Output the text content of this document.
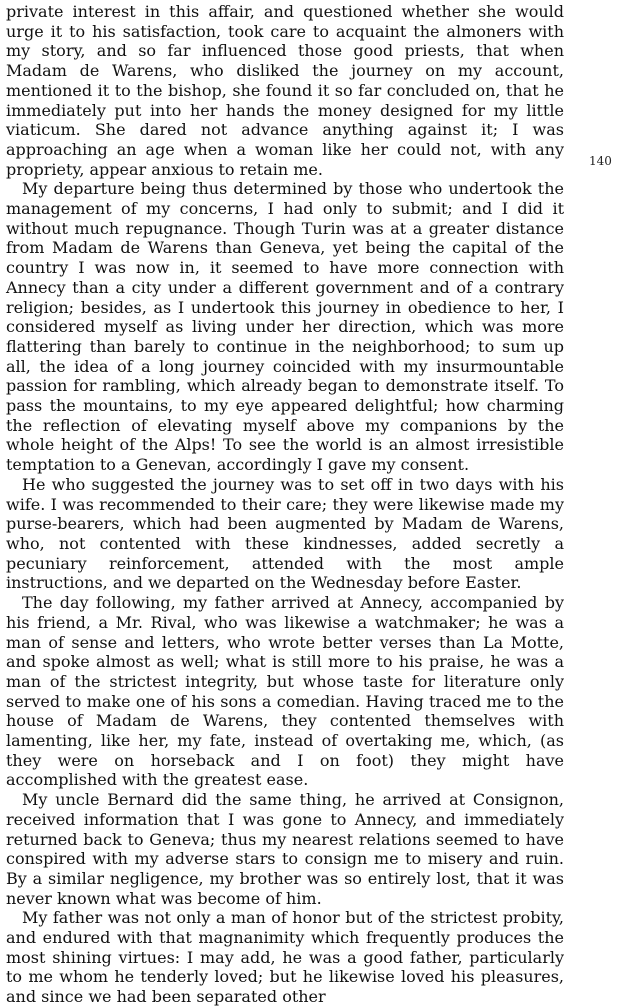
private interest in this affair, and questioned whether she would urge it to his satisfaction, took care to acquaint the almoners with my story, and so far influenced those good priests, that when Madam de Warens, who disliked the journey on my account, mentioned it to the bishop, she found it so far concluded on, that he immediately put into her hands the money designed for my little viaticum. She dared not advance anything against it; I was approaching an age when a woman like her could not, with any propriety, appear anxious to retain me.

My departure being thus determined by those who undertook the management of my concerns, I had only to submit; and I did it without much repugnance. Though Turin was at a greater distance from Madam de Warens than Geneva, yet being the capital of the country I was now in, it seemed to have more connection with Annecy than a city under a different government and of a contrary religion; besides, as I undertook this journey in obedience to her, I considered myself as living under her direction, which was more flattering than barely to continue in the neighborhood; to sum up all, the idea of a long journey coincided with my insurmountable passion for rambling, which already began to demonstrate itself. To pass the mountains, to my eye appeared delightful; how charming the reflection of elevating myself above my companions by the whole height of the Alps! To see the world is an almost irresistible temptation to a Genevan, accordingly I gave my consent.

He who suggested the journey was to set off in two days with his wife. I was recommended to their care; they were likewise made my purse-bearers, which had been augmented by Madam de Warens, who, not contented with these kindnesses, added secretly a pecuniary reinforcement, attended with the most ample instructions, and we departed on the Wednesday before Easter.

The day following, my father arrived at Annecy, accompanied by his friend, a Mr. Rival, who was likewise a watchmaker; he was a man of sense and letters, who wrote better verses than La Motte, and spoke almost as well; what is still more to his praise, he was a man of the strictest integrity, but whose taste for literature only served to make one of his sons a comedian. Having traced me to the house of Madam de Warens, they contented themselves with lamenting, like her, my fate, instead of overtaking me, which, (as they were on horseback and I on foot) they might have accomplished with the greatest ease.

My uncle Bernard did the same thing, he arrived at Consignon, received information that I was gone to Annecy, and immediately returned back to Geneva; thus my nearest relations seemed to have conspired with my adverse stars to consign me to misery and ruin. By a similar negligence, my brother was so entirely lost, that it was never known what was become of him.

My father was not only a man of honor but of the strictest probity, and endured with that magnanimity which frequently produces the most shining virtues: I may add, he was a good father, particularly to me whom he tenderly loved; but he likewise loved his pleasures, and since we had been separated other

140
